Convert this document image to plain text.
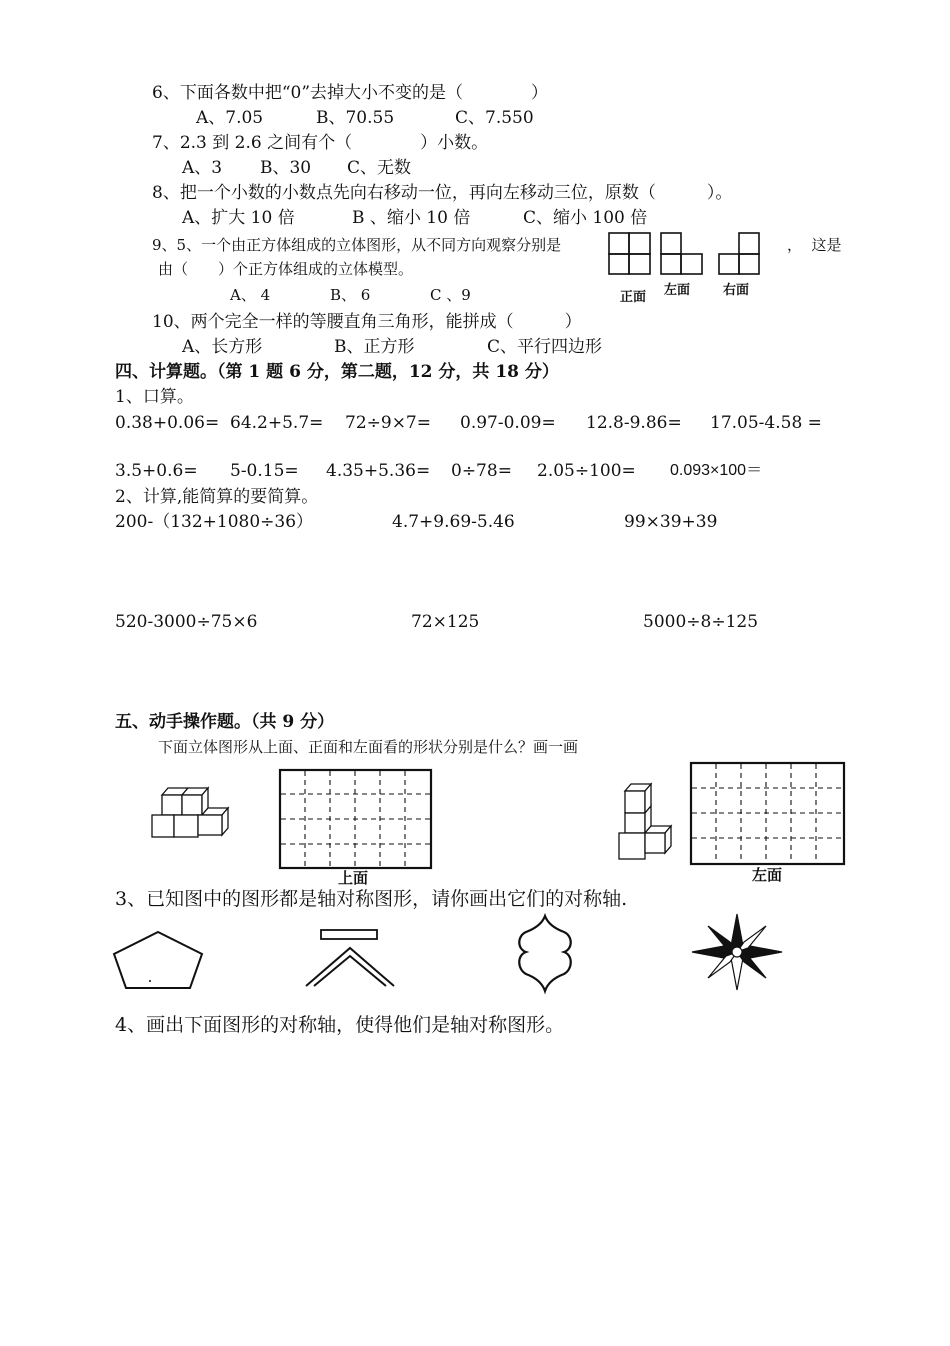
6、下面各数中把“0”去掉大小不变的是（　　　　）
A、7.05	B、70.55	C、7.550
7、2.3 到 2.6 之间有个（　　　　）小数。
A、3 B、30 C、无数
8、把一个小数的小数点先向右移动一位，再向左移动三位，原数（　　　）。
A、扩大 10 倍	B 、缩小 10 倍	C、缩小 100 倍
9、5、一个由正方体组成的立体图形，从不同方向观察分别是	，  这是
由（　　）个正方体组成的立体模型。
A、 4	B、 6	C 、9	正面 左面	右面
10、两个完全一样的等腰直角三角形，能拼成（　　　）
A、长方形	B、正方形	C、平行四边形
四、计算题。（第 1 题 6 分，第二题，12 分，共 18 分）
1、口算。
0.38+0.06= 64.2+5.7= 72÷9×7= 0.97-0.09= 12.8-9.86= 17.05-4.58 =
3.5+0.6= 5-0.15= 4.35+5.36= 0÷78= 2.05÷100= 0.093×100＝
2、计算,能简算的要简算。
200-（132+1080÷36）	4.7+9.69-5.46	99×39+39
520-3000÷75×6	72×125	5000÷8÷125
五、动手操作题。（共 9 分）
下面立体图形从上面、正面和左面看的形状分别是什么？画一画
上面	左面
3、已知图中的图形都是轴对称图形，请你画出它们的对称轴.
4、画出下面图形的对称轴，使得他们是轴对称图形。
